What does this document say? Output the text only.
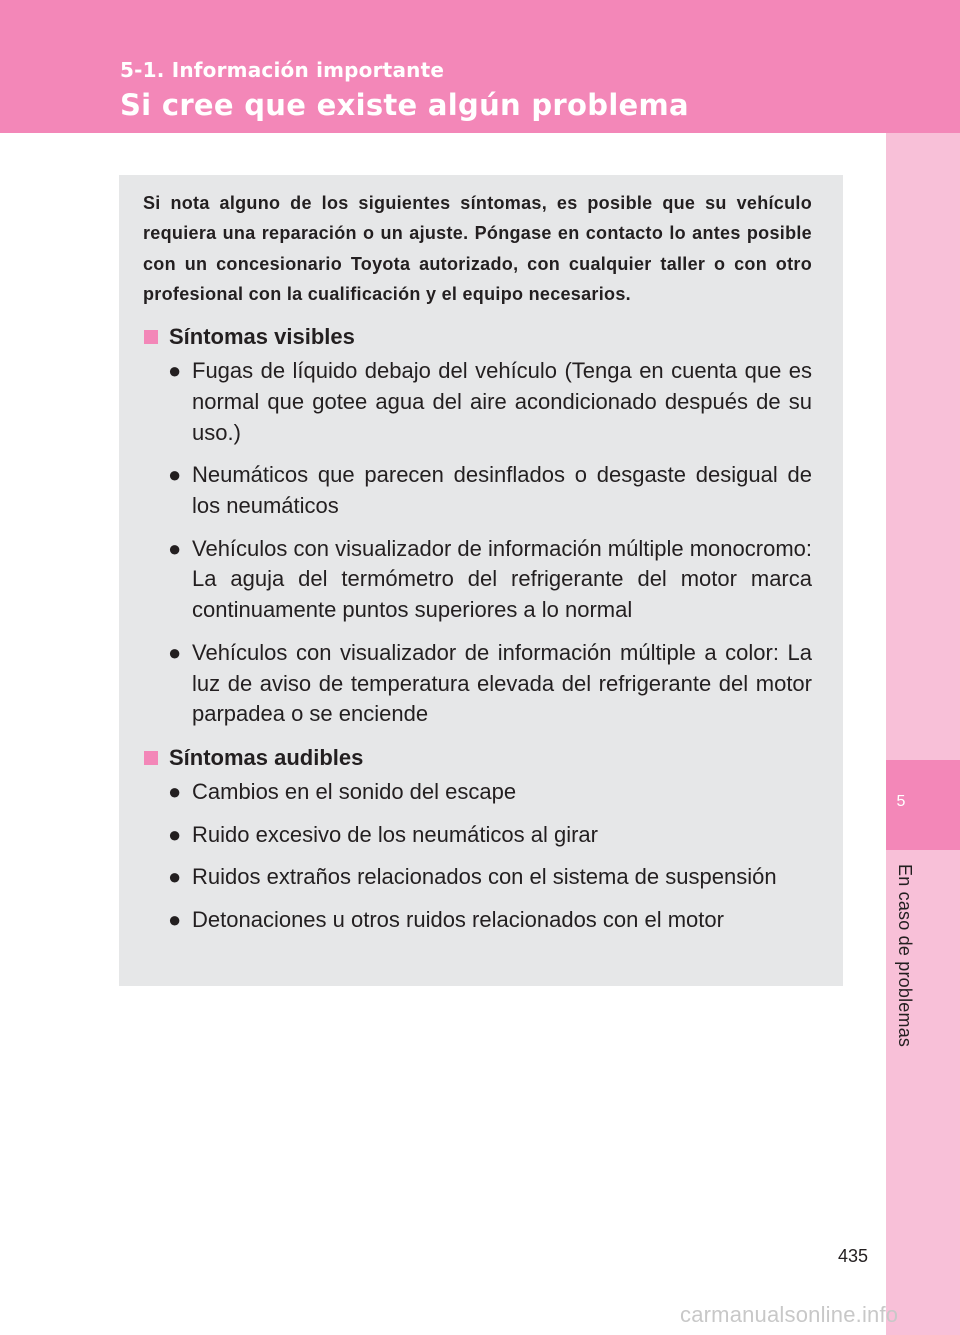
5-1. Información importante
Si cree que existe algún problema
5
En caso de problemas

Si nota alguno de los siguientes síntomas, es posible que su vehículo requiera una reparación o un ajuste. Póngase en contacto lo antes posible con un concesionario Toyota autorizado, con cualquier taller o con otro profesional con la cualificación y el equipo necesarios.

Síntomas visibles
● Fugas de líquido debajo del vehículo (Tenga en cuenta que es normal que gotee agua del aire acondicionado después de su uso.)
● Neumáticos que parecen desinflados o desgaste desigual de los neumáticos
● Vehículos con visualizador de información múltiple monocromo: La aguja del termómetro del refrigerante del motor marca continuamente puntos superiores a lo normal
● Vehículos con visualizador de información múltiple a color: La luz de aviso de temperatura elevada del refrigerante del motor parpadea o se enciende
Síntomas audibles
● Cambios en el sonido del escape
● Ruido excesivo de los neumáticos al girar
● Ruidos extraños relacionados con el sistema de suspensión
● Detonaciones u otros ruidos relacionados con el motor
435
carmanualsonline.info
